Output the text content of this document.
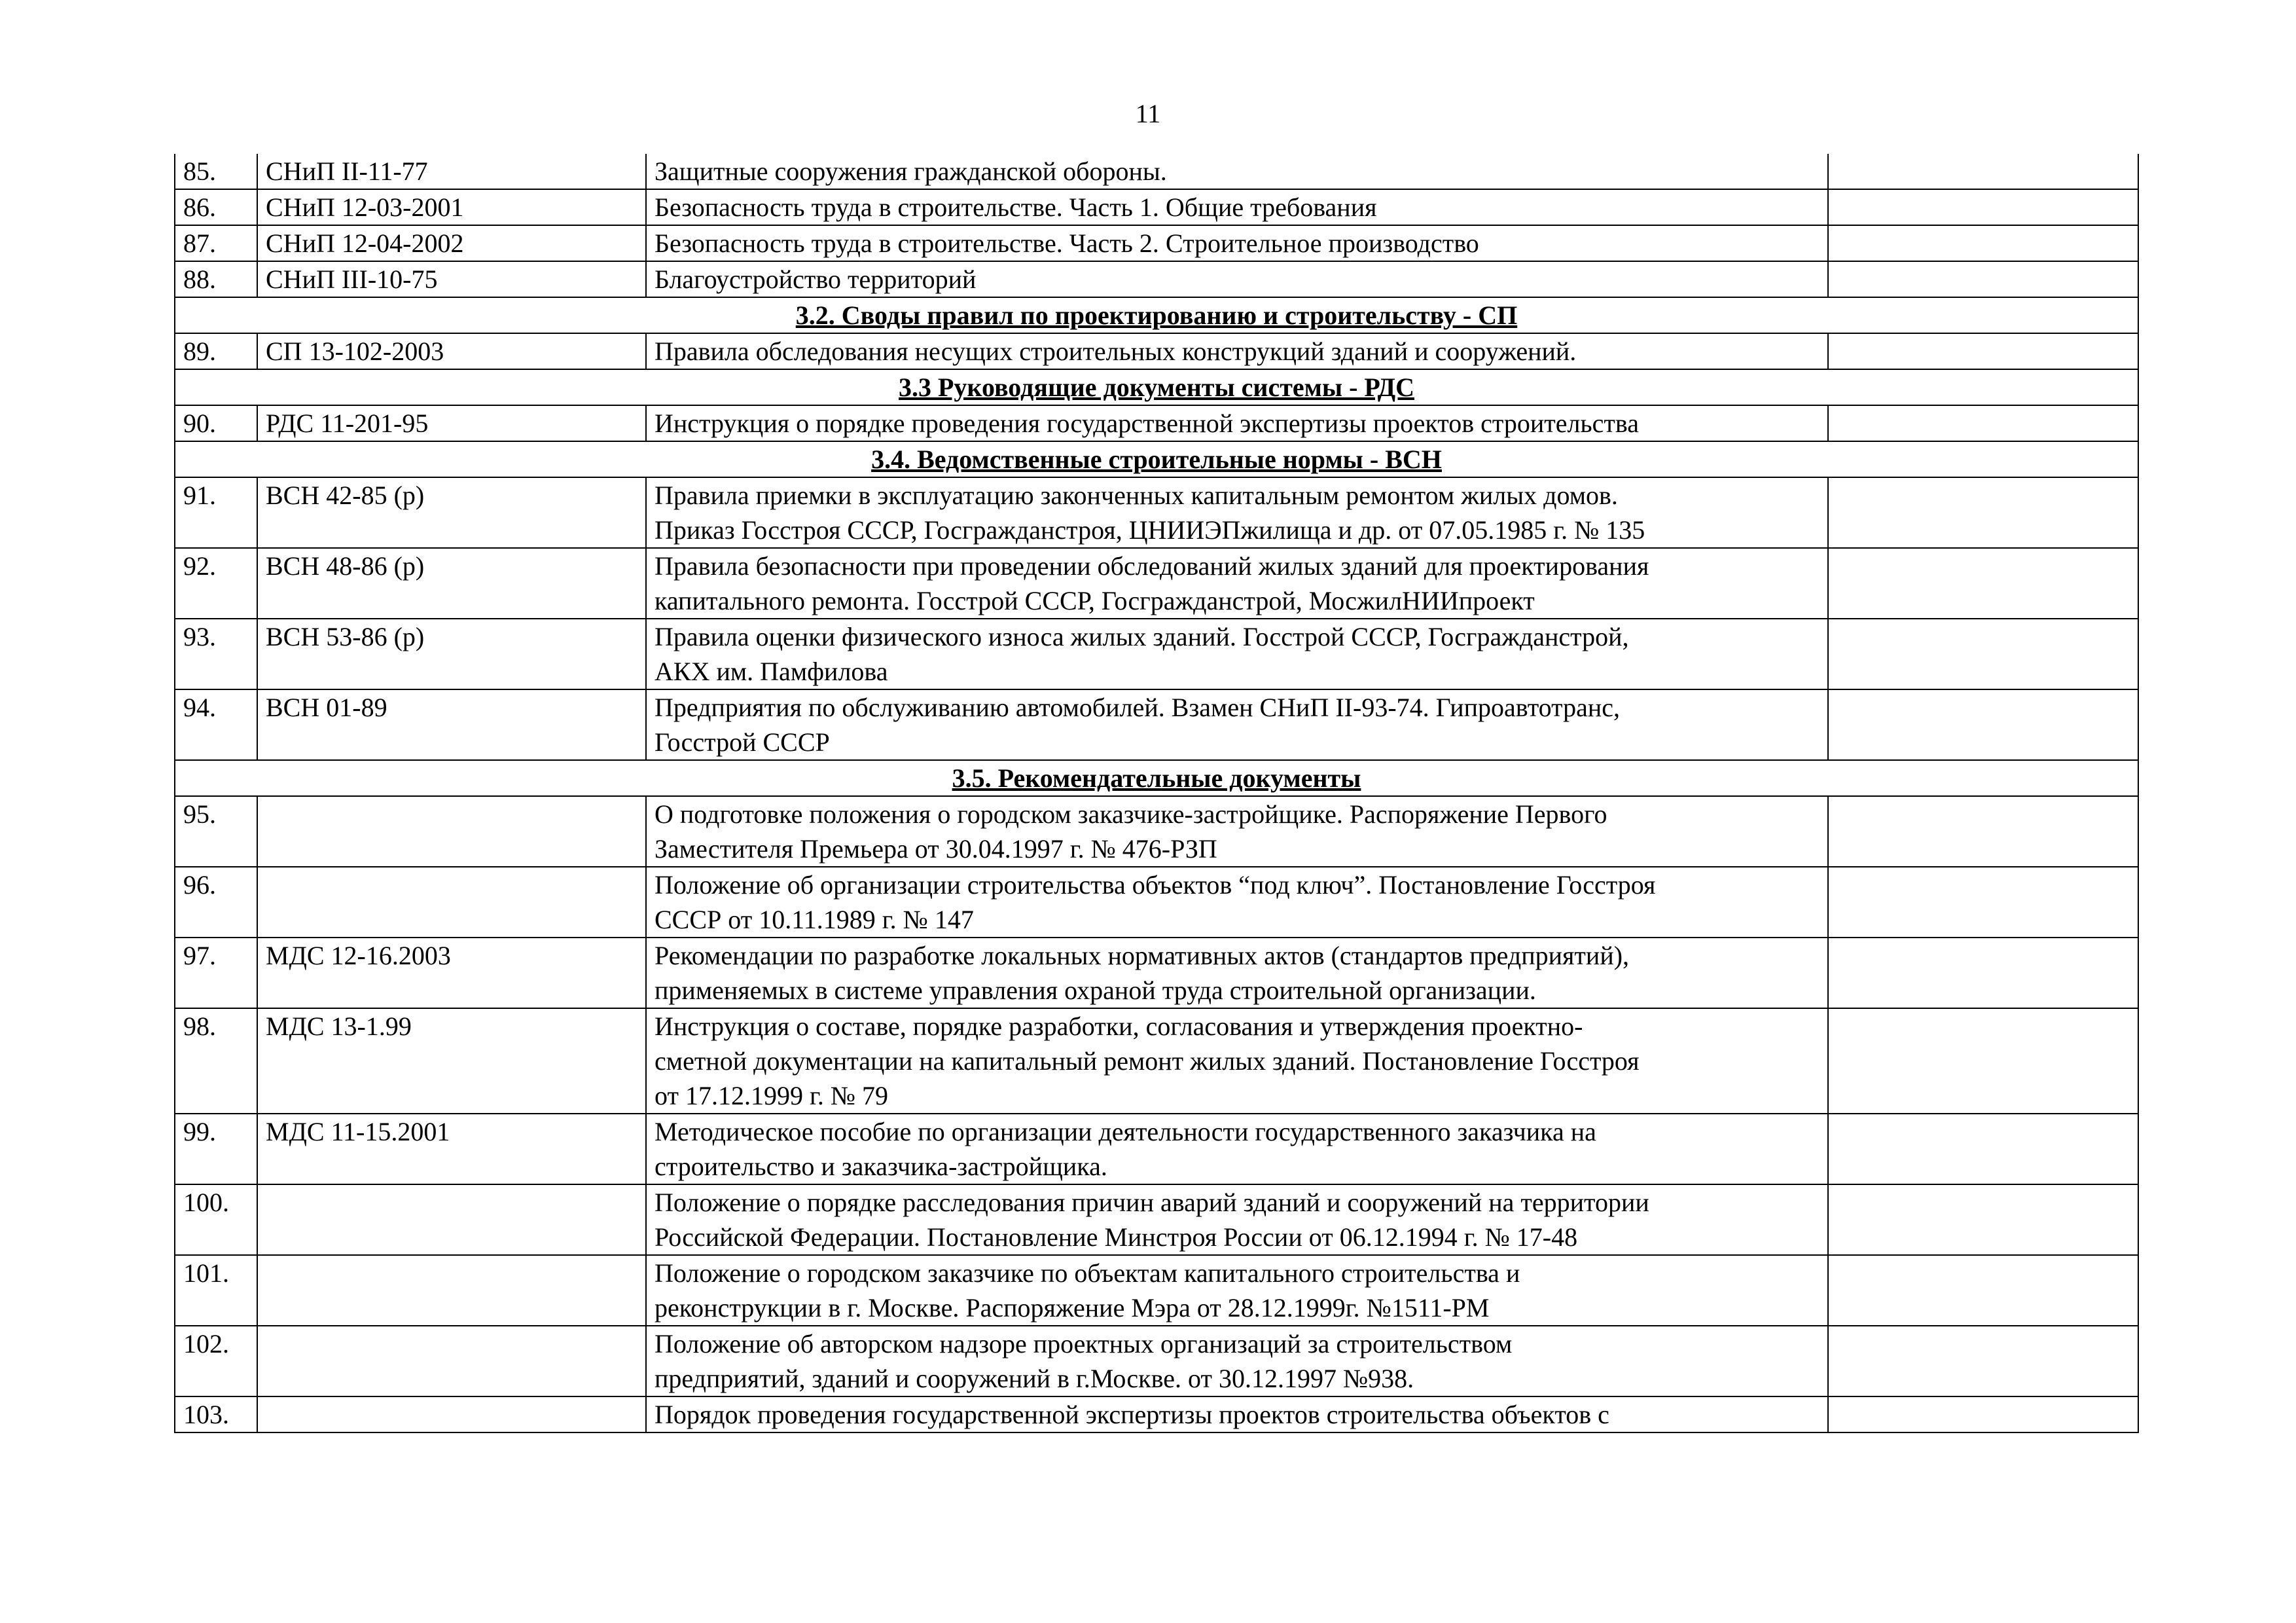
11
85.	СНиП II-11-77	Защитные сооружения гражданской обороны.	

86.	СНиП 12-03-2001	Безопасность труда в строительстве. Часть 1. Общие требования	

87.	СНиП 12-04-2002	Безопасность труда в строительстве. Часть 2. Строительное производство	

88.	СНиП III-10-75	Благоустройство территорий	

3.2. Своды правил по проектированию и строительству - СП			
89.	СП 13-102-2003	Правила обследования несущих строительных конструкций зданий и сооружений.	

3.3 Руководящие документы системы - РДС			
90.	РДС 11-201-95	Инструкция о порядке проведения государственной экспертизы проектов строительства	

3.4. Ведомственные строительные нормы - ВСН			
91.	ВСН 42-85 (р)	Правила приемки в эксплуатацию законченных капитальным ремонтом жилых домов.
Приказ Госстроя СССР, Госгражданстроя, ЦНИИЭПжилища и др. от 07.05.1985 г. № 135	

92.	ВСН 48-86 (р)	Правила безопасности при проведении обследований жилых зданий для проектирования
капитального ремонта. Госстрой СССР, Госгражданстрой, МосжилНИИпроект	

93.	ВСН 53-86 (р)	Правила оценки физического износа жилых зданий. Госстрой СССР, Госгражданстрой,
АКХ им. Памфилова	

94.	ВСН 01-89	Предприятия по обслуживанию автомобилей. Взамен СНиП II-93-74. Гипроавтотранс,
Госстрой СССР	

3.5. Рекомендательные документы			
95.		О подготовке положения о городском заказчике-застройщике. Распоряжение Первого
Заместителя Премьера от 30.04.1997 г. № 476-РЗП	

96.		Положение об организации строительства объектов “под ключ”. Постановление Госстроя
СССР от 10.11.1989 г. № 147	

97.	МДС 12-16.2003	Рекомендации по разработке локальных нормативных актов (стандартов предприятий),
применяемых в системе управления охраной труда строительной организации.	

98.	МДС 13-1.99	Инструкция о составе, порядке разработки, согласования и утверждения проектно-
сметной документации на капитальный ремонт жилых зданий. Постановление Госстроя
от 17.12.1999 г. № 79	

99.	МДС 11-15.2001	Методическое пособие по организации деятельности государственного заказчика на
строительство и заказчика-застройщика.	

100.		Положение о порядке расследования причин аварий зданий и сооружений на территории
Российской Федерации. Постановление Минстроя России от 06.12.1994 г. № 17-48	

101.		Положение о городском заказчике по объектам капитального строительства и
реконструкции в г. Москве. Распоряжение Мэра от 28.12.1999г. №1511-РМ	

102.		Положение об авторском надзоре проектных организаций за строительством
предприятий, зданий и сооружений в г.Москве. от 30.12.1997 №938.	

103.		Порядок проведения государственной экспертизы проектов строительства объектов с	
